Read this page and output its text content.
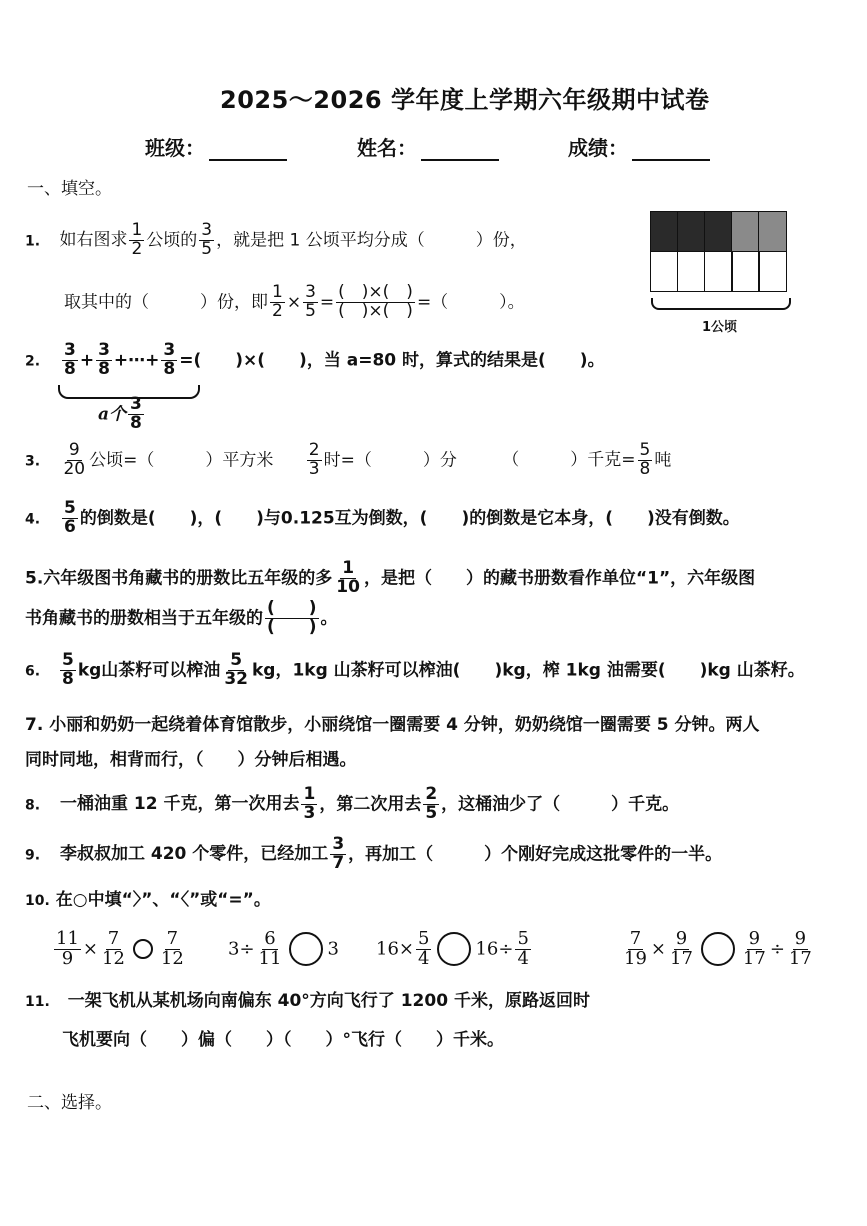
2025～2026 学年度上学期六年级期中试卷
班级：	姓名：	成绩：
一、填空。
1公顷
1. 如右图求 $\frac{1}{2}$ 公顷的 $\frac{3}{5}$ ，就是把 1 公顷平均分成（　　　）份，
取其中的（　　　）份，即 $\frac{1}{2} \times \frac{3}{5} = \frac{( )\times( )}{( )\times( )}$ =（　　　）。
2. $\frac{3}{8} + \frac{3}{8}$ +⋯+ $\frac{3}{8}$ =(　　)×(　　)，当 a=80 时，算式的结果是(　　)。
a个 $\frac{3}{8}$
3. $\frac{9}{20}$ 公顷=（　　　）平方米 $\frac{2}{3}$ 时=（　　　）分	（　　　）千克= $\frac{5}{8}$ 吨
4. $\frac{5}{6}$ 的倒数是(　　)，(　　)与0.125互为倒数，(　　)的倒数是它本身，(　　)没有倒数。
5.六年级图书角藏书的册数比五年级的多 $\frac{1}{10}$ ，是把（　　）的藏书册数看作单位“1”，六年级图
书角藏书的册数相当于五年级的 $\frac{( )}{( )}$ 。
6. $\frac{5}{8}$ kg山茶籽可以榨油 $\frac{5}{32}$ kg，1kg 山茶籽可以榨油(　　)kg，榨 1kg 油需要(　　)kg 山茶籽。
7. 小丽和奶奶一起绕着体育馆散步，小丽绕馆一圈需要 4 分钟，奶奶绕馆一圈需要 5 分钟。两人
同时同地，相背而行，（　　）分钟后相遇。
8. 一桶油重 12 千克，第一次用去 $\frac{1}{3}$ ，第二次用去 $\frac{2}{5}$ ，这桶油少了（　　　）千克。
9. 李叔叔加工 420 个零件，已经加工 $\frac{3}{7}$ ，再加工（　　　）个刚好完成这批零件的一半。
10. 在○中填“〉”、“〈”或“=”。
$\frac{11}{9} \times \frac{7}{12} \frac{7}{12} 3\div \frac{6}{11} 3$ $16\times \frac{5}{4} 16\div \frac{5}{4}$	$\frac{7}{19} \times \frac{9}{17}$	$\frac{9}{17} \div \frac{9}{17}$
11. 一架飞机从某机场向南偏东 40°方向飞行了 1200 千米，原路返回时
飞机要向（　　）偏（　　）（　　）°飞行（　　）千米。
二、选择。
